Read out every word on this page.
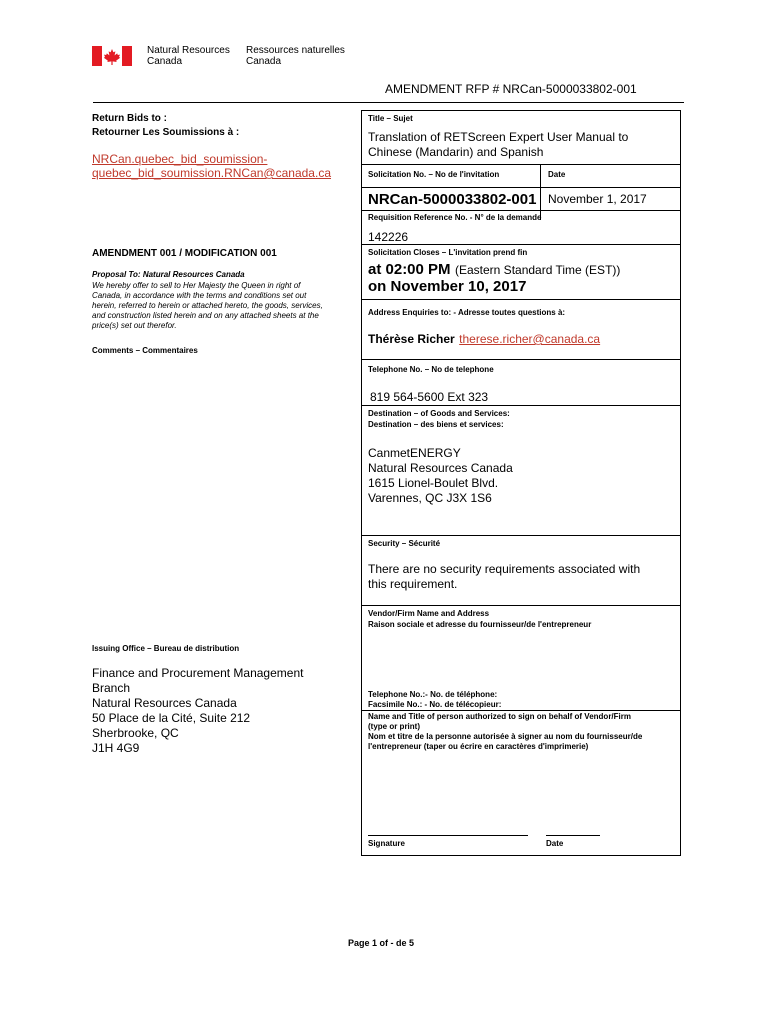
Natural Resources
Canada
Ressources naturelles
Canada
AMENDMENT RFP # NRCan-5000033802-001
Return Bids to :
Retourner Les Soumissions à :
NRCan.quebec_bid_soumission-
quebec_bid_soumission.RNCan@canada.ca
AMENDMENT 001 / MODIFICATION 001
Proposal To: Natural Resources Canada
We hereby offer to sell to Her Majesty the Queen in right of
Canada, in accordance with the terms and conditions set out
herein, referred to herein or attached hereto, the goods, services,
and construction listed herein and on any attached sheets at the
price(s) set out therefor.
Comments – Commentaires
Issuing Office – Bureau de distribution
Finance and Procurement Management
Branch
Natural Resources Canada
50 Place de la Cité, Suite 212
Sherbrooke, QC
J1H 4G9
Title – Sujet
Translation of RETScreen Expert User Manual to
Chinese (Mandarin) and Spanish
Solicitation No. – No de l'invitation	Date
NRCan-5000033802-001 November 1, 2017
Requisition Reference No. - N° de la demande
142226
Solicitation Closes – L'invitation prend fin
at 02:00 PM (Eastern Standard Time (EST))
on November 10, 2017
Address Enquiries to: - Adresse toutes questions à:
Thérèse Richer therese.richer@canada.ca
Telephone No. – No de telephone
819 564-5600 Ext 323
Destination – of Goods and Services:
Destination – des biens et services:
CanmetENERGY
Natural Resources Canada
1615 Lionel-Boulet Blvd.
Varennes, QC J3X 1S6
Security – Sécurité
There are no security requirements associated with
this requirement.
Vendor/Firm Name and Address
Raison sociale et adresse du fournisseur/de l'entrepreneur
Telephone No.:- No. de téléphone:
Facsimile No.: - No. de télécopieur:
Name and Title of person authorized to sign on behalf of Vendor/Firm
(type or print)
Nom et titre de la personne autorisée à signer au nom du fournisseur/de
l'entrepreneur (taper ou écrire en caractères d'imprimerie)
Signature	Date
Page 1 of - de 5
